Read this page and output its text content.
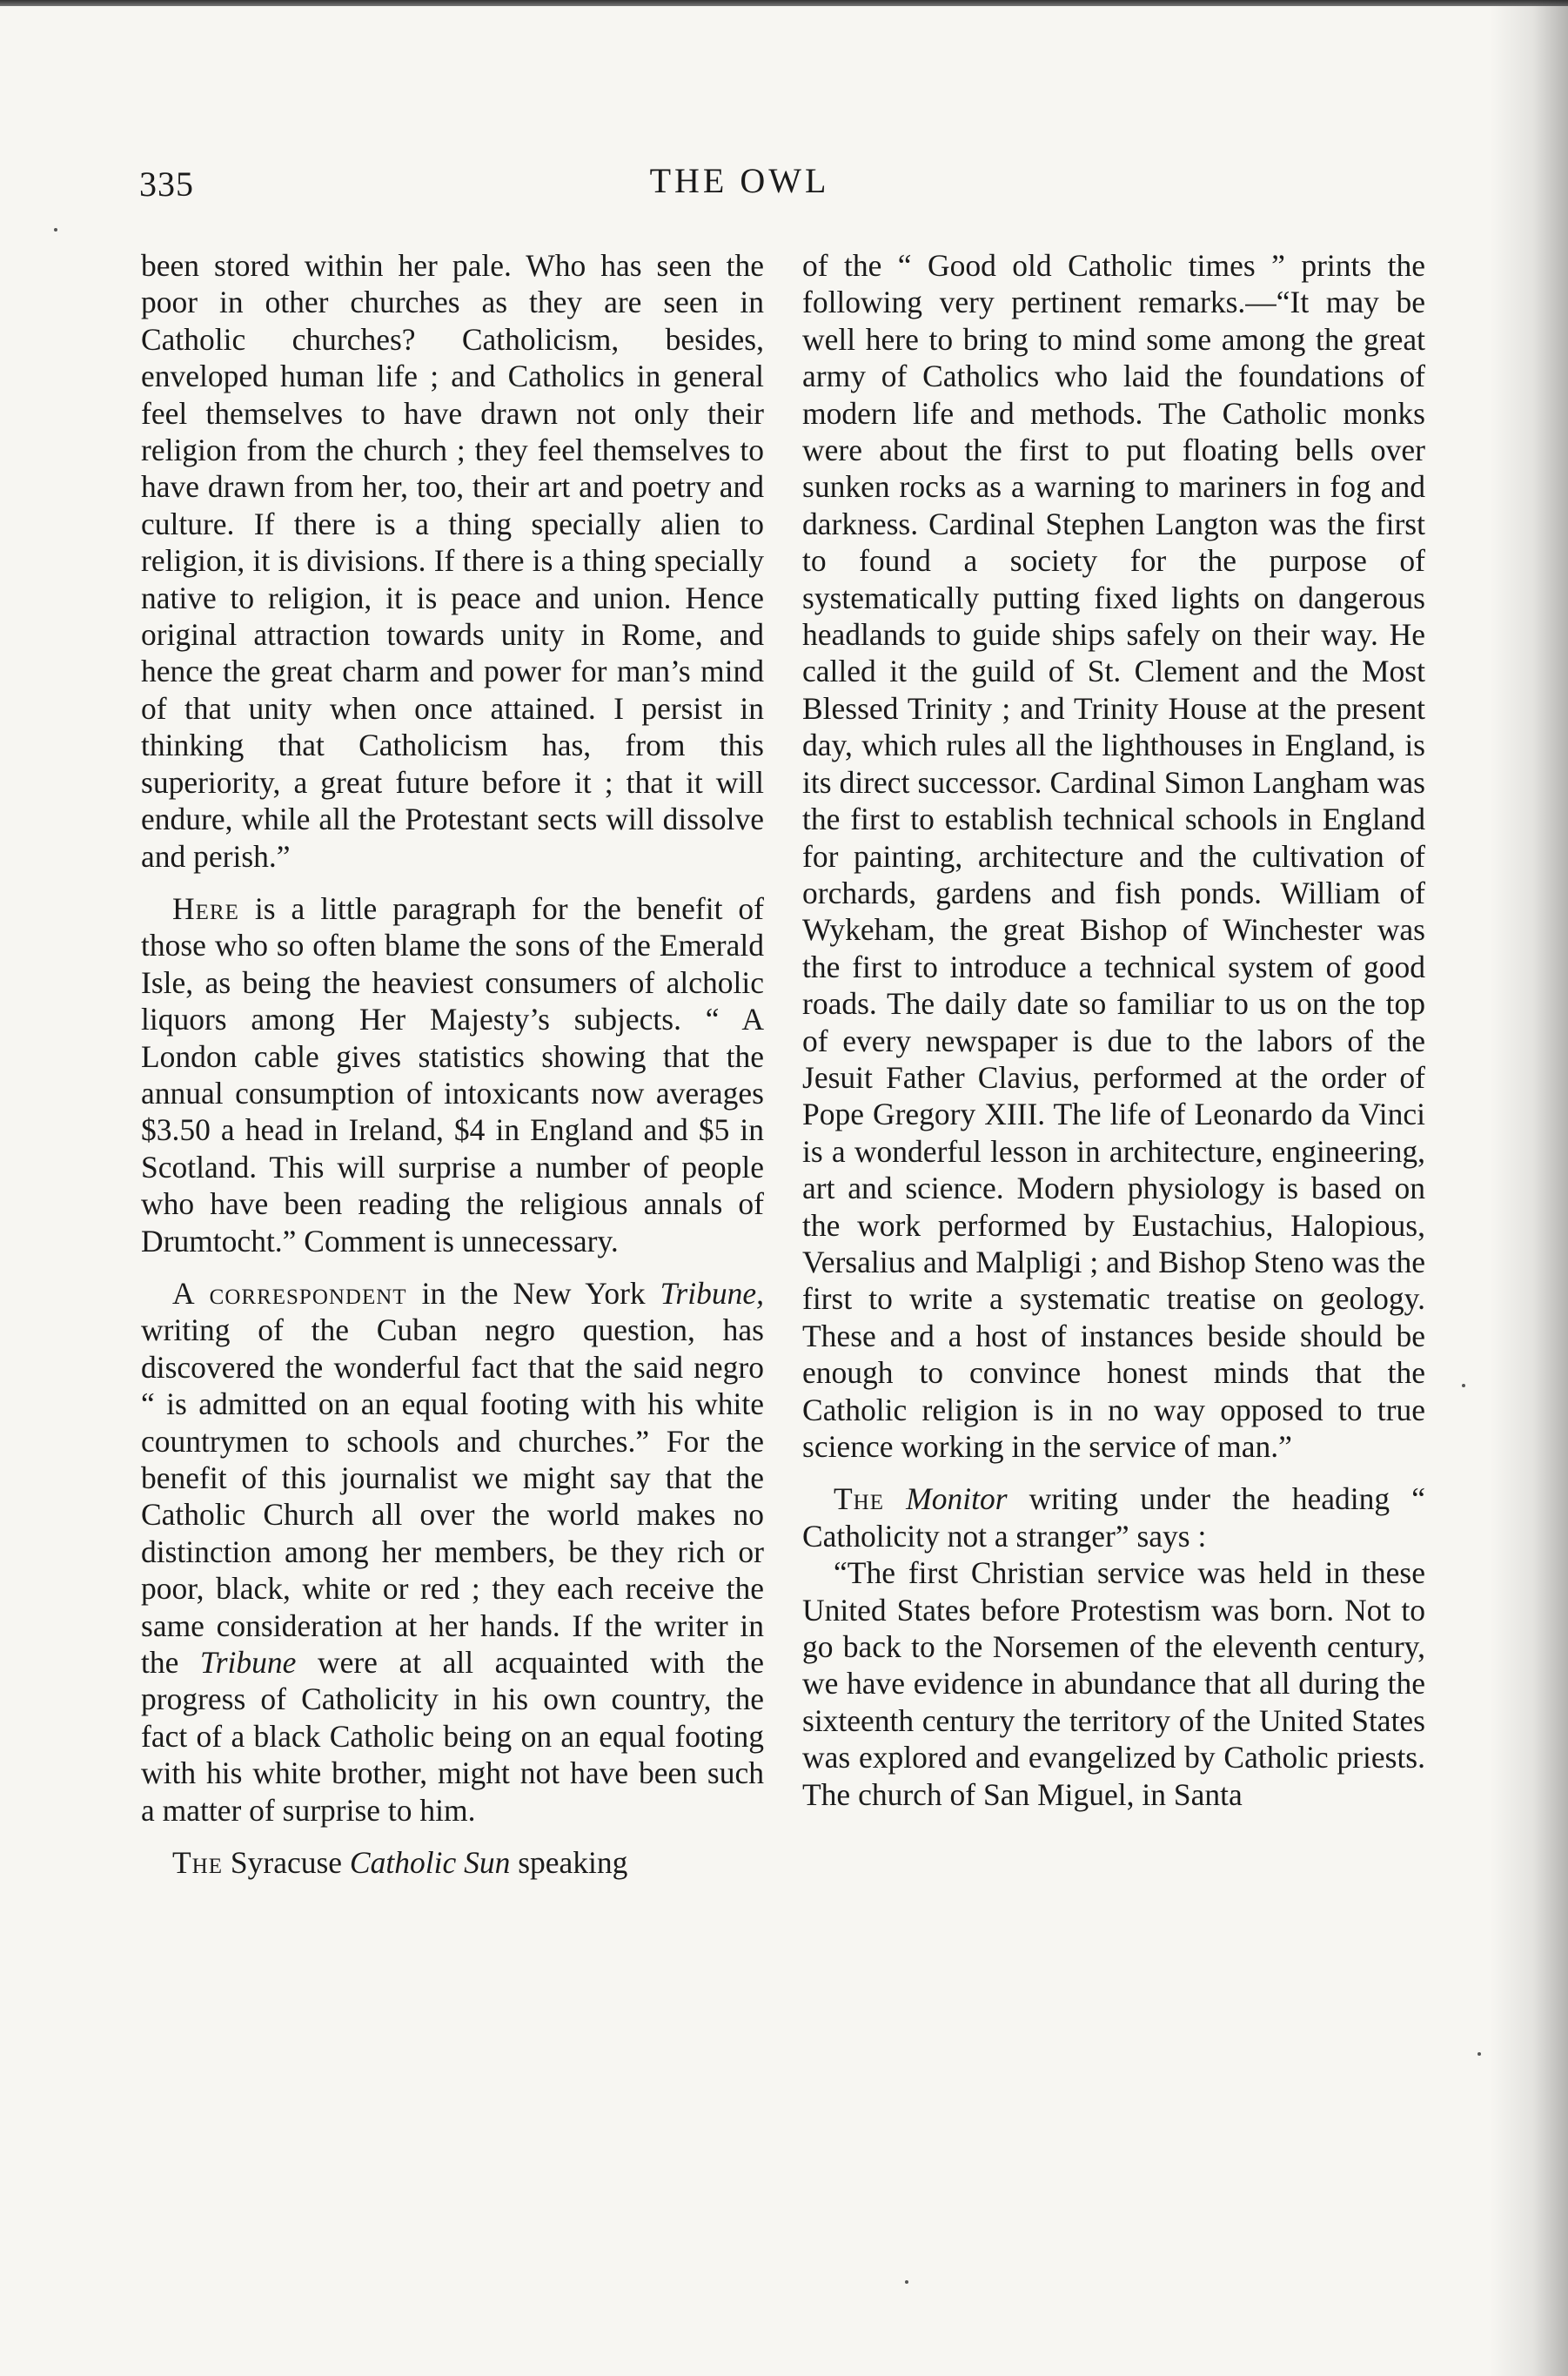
335	THE OWL

been stored within her pale. Who has seen the poor in other churches as they are seen in Catholic churches? Catholicism, besides, enveloped human life ; and Catholics in general feel themselves to have drawn not only their religion from the church ; they feel themselves to have drawn from her, too, their art and poetry and culture. If there is a thing specially alien to religion, it is divisions. If there is a thing specially native to religion, it is peace and union. Hence original attraction towards unity in Rome, and hence the great charm and power for man’s mind of that unity when once attained. I persist in thinking that Catholicism has, from this superiority, a great future before it ; that it will endure, while all the Protestant sects will dissolve and perish.”

Here is a little paragraph for the benefit of those who so often blame the sons of the Emerald Isle, as being the heaviest consumers of alcholic liquors among Her Majesty’s subjects. “ A London cable gives statistics showing that the annual consumption of intoxicants now averages $3.50 a head in Ireland, $4 in England and $5 in Scotland. This will surprise a number of people who have been reading the religious annals of Drumtocht.” Comment is unnecessary.

A correspondent in the New York Tribune, writing of the Cuban negro question, has discovered the wonderful fact that the said negro “ is admitted on an equal footing with his white countrymen to schools and churches.” For the benefit of this journalist we might say that the Catholic Church all over the world makes no distinction among her members, be they rich or poor, black, white or red ; they each receive the same consideration at her hands. If the writer in the Tribune were at all acquainted with the progress of Catholicity in his own country, the fact of a black Catholic being on an equal footing with his white brother, might not have been such a matter of surprise to him.

The Syracuse Catholic Sun speaking

of the “ Good old Catholic times ” prints the following very pertinent remarks.—“It may be well here to bring to mind some among the great army of Catholics who laid the foundations of modern life and methods. The Catholic monks were about the first to put floating bells over sunken rocks as a warning to mariners in fog and darkness. Cardinal Stephen Langton was the first to found a society for the purpose of systematically putting fixed lights on dangerous headlands to guide ships safely on their way. He called it the guild of St. Clement and the Most Blessed Trinity ; and Trinity House at the present day, which rules all the lighthouses in England, is its direct successor. Cardinal Simon Langham was the first to establish technical schools in England for painting, architecture and the cultivation of orchards, gardens and fish ponds. William of Wykeham, the great Bishop of Winchester was the first to introduce a technical system of good roads. The daily date so familiar to us on the top of every newspaper is due to the labors of the Jesuit Father Clavius, performed at the order of Pope Gregory XIII. The life of Leonardo da Vinci is a wonderful lesson in architecture, engineering, art and science. Modern physiology is based on the work performed by Eustachius, Halopious, Versalius and Malpligi ; and Bishop Steno was the first to write a systematic treatise on geology. These and a host of instances beside should be enough to convince honest minds that the Catholic religion is in no way opposed to true science working in the service of man.”

The Monitor writing under the heading “ Catholicity not a stranger” says :

“The first Christian service was held in these United States before Protestism was born. Not to go back to the Norsemen of the eleventh century, we have evidence in abundance that all during the sixteenth century the territory of the United States was explored and evangelized by Catholic priests. The church of San Miguel, in Santa
